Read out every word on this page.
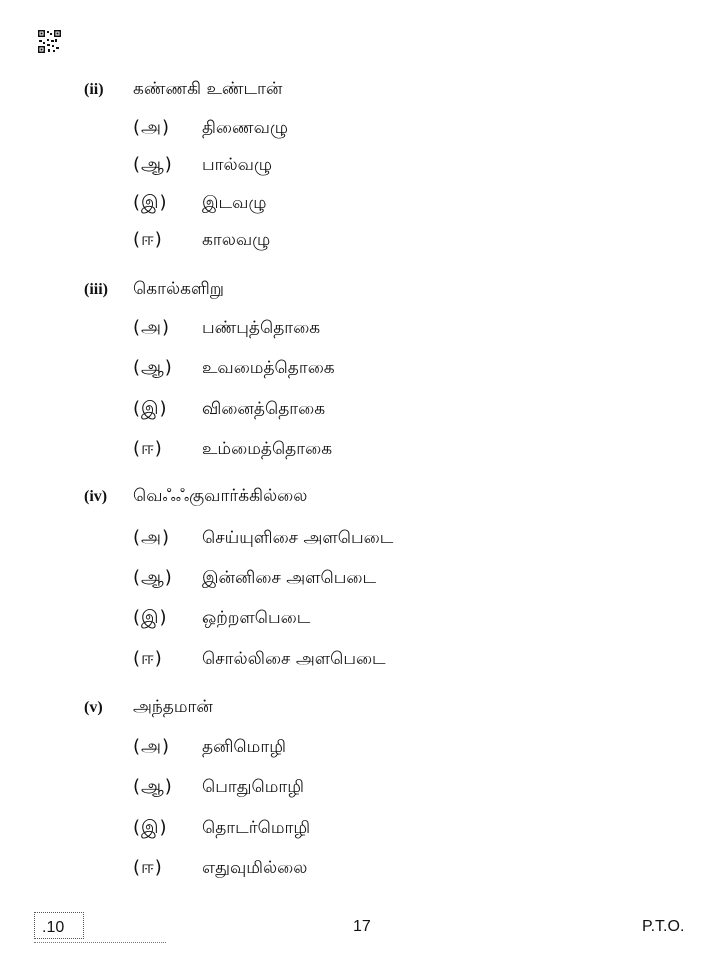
(ii) கண்ணகி உண்டான்
(அ) திணைவழு
(ஆ) பால்வழு
(இ) இடவழு
(ஈ) காலவழு
(iii) கொல்களிறு
(அ) பண்புத்தொகை
(ஆ) உவமைத்தொகை
(இ) வினைத்தொகை
(ஈ) உம்மைத்தொகை
(iv) வெஃஃகுவார்க்கில்லை
(அ) செய்யுளிசை அளபெடை
(ஆ) இன்னிசை அளபெடை
(இ) ஒற்றளபெடை
(ஈ) சொல்லிசை அளபெடை
(v) அந்தமான்
(அ) தனிமொழி
(ஆ) பொதுமொழி
(இ) தொடர்மொழி
(ஈ) எதுவுமில்லை
.10	17	P.T.O.
